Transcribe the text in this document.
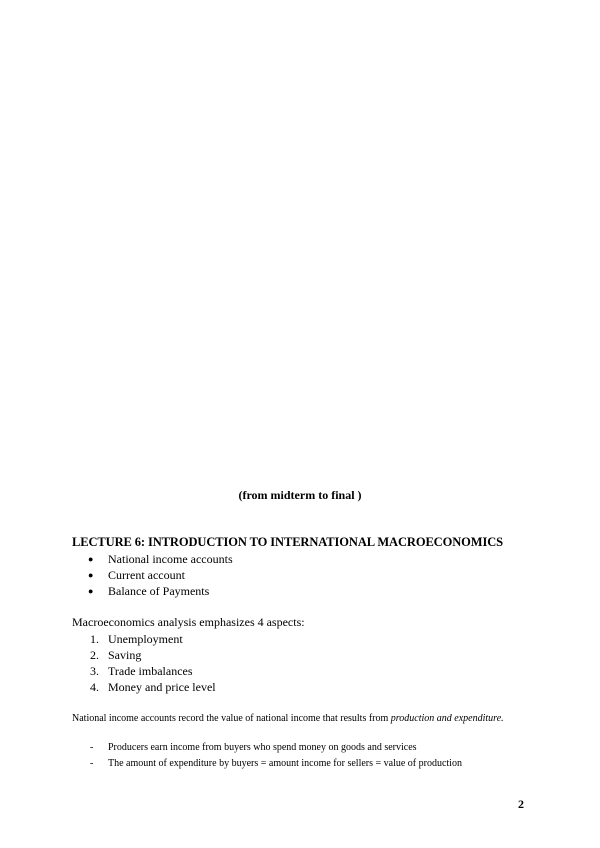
(from midterm to final )
LECTURE 6: INTRODUCTION TO INTERNATIONAL MACROECONOMICS
● National income accounts
● Current account
● Balance of Payments
Macroeconomics analysis emphasizes 4 aspects:
1. Unemployment
2. Saving
3. Trade imbalances
4. Money and price level

National income accounts record the value of national income that results from production and expenditure.

- Producers earn income from buyers who spend money on goods and services
- The amount of expenditure by buyers = amount income for sellers = value of production
2
